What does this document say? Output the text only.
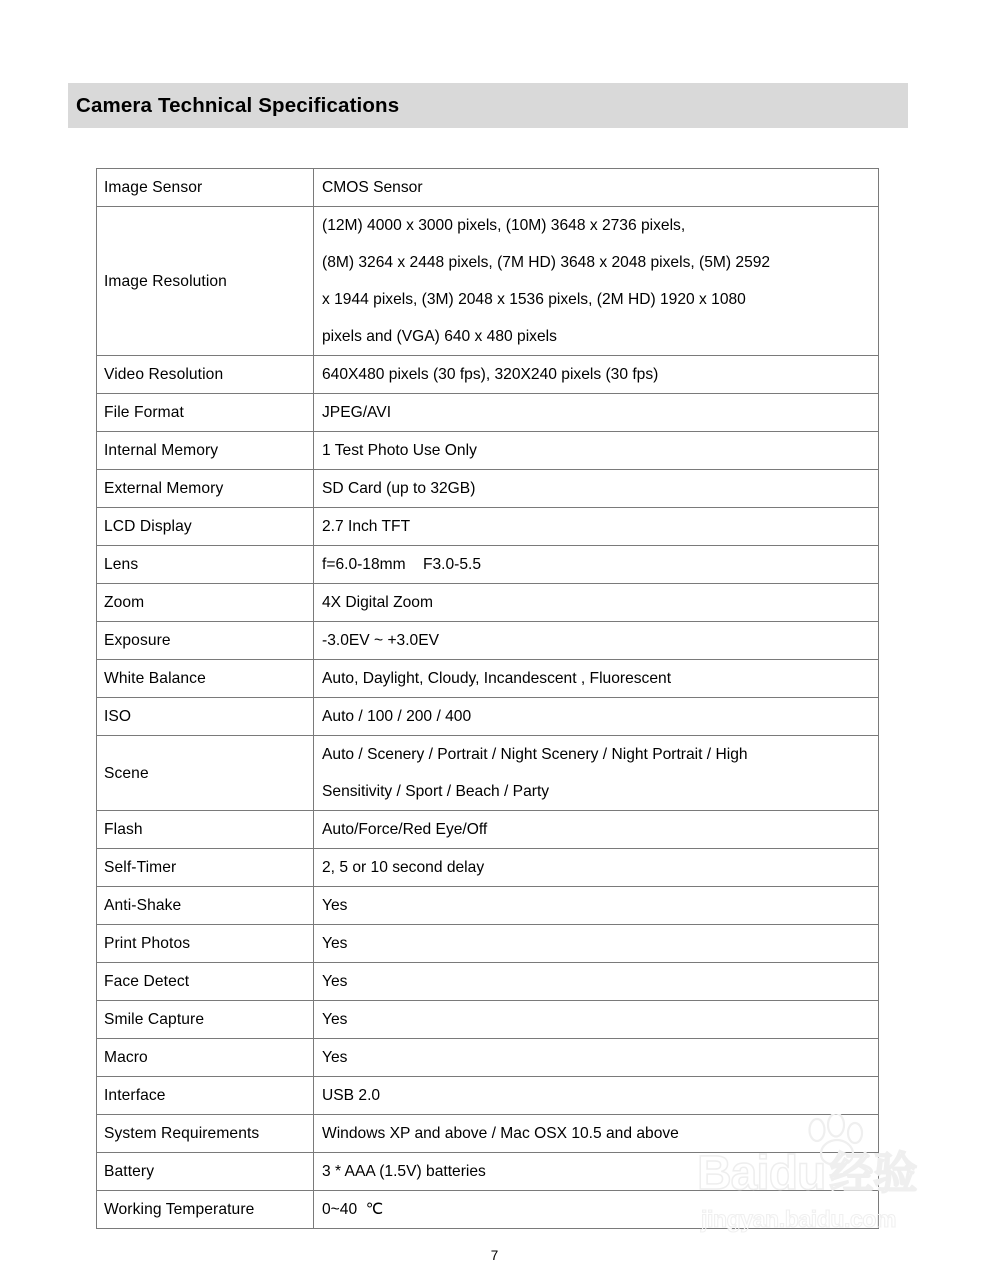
Camera Technical Specifications
Image Sensor	CMOS Sensor
Image Resolution	(12M) 4000 x 3000 pixels, (10M) 3648 x 2736 pixels,
(8M) 3264 x 2448 pixels, (7M HD) 3648 x 2048 pixels, (5M) 2592
x 1944 pixels, (3M) 2048 x 1536 pixels, (2M HD) 1920 x 1080
pixels and (VGA) 640 x 480 pixels

Video Resolution	640X480 pixels (30 fps), 320X240 pixels (30 fps)
File Format	JPEG/AVI
Internal Memory	1 Test Photo Use Only
External Memory	SD Card (up to 32GB)
LCD Display	2.7 Inch TFT
Lens	f=6.0-18mm    F3.0-5.5
Zoom	4X Digital Zoom
Exposure	-3.0EV ~ +3.0EV
White Balance	Auto, Daylight, Cloudy, Incandescent , Fluorescent
ISO	Auto / 100 / 200 / 400
Scene	Auto / Scenery / Portrait / Night Scenery / Night Portrait / High
Sensitivity / Sport / Beach / Party

Flash	Auto/Force/Red Eye/Off
Self-Timer	2, 5 or 10 second delay
Anti-Shake	Yes
Print Photos	Yes
Face Detect	Yes
Smile Capture	Yes
Macro	Yes
Interface	USB 2.0
System Requirements	Windows XP and above / Mac OSX 10.5 and above
Battery	3 * AAA (1.5V) batteries
Working Temperature	0~40  ℃
Bai du 经验
jingyan.baidu.com
7
